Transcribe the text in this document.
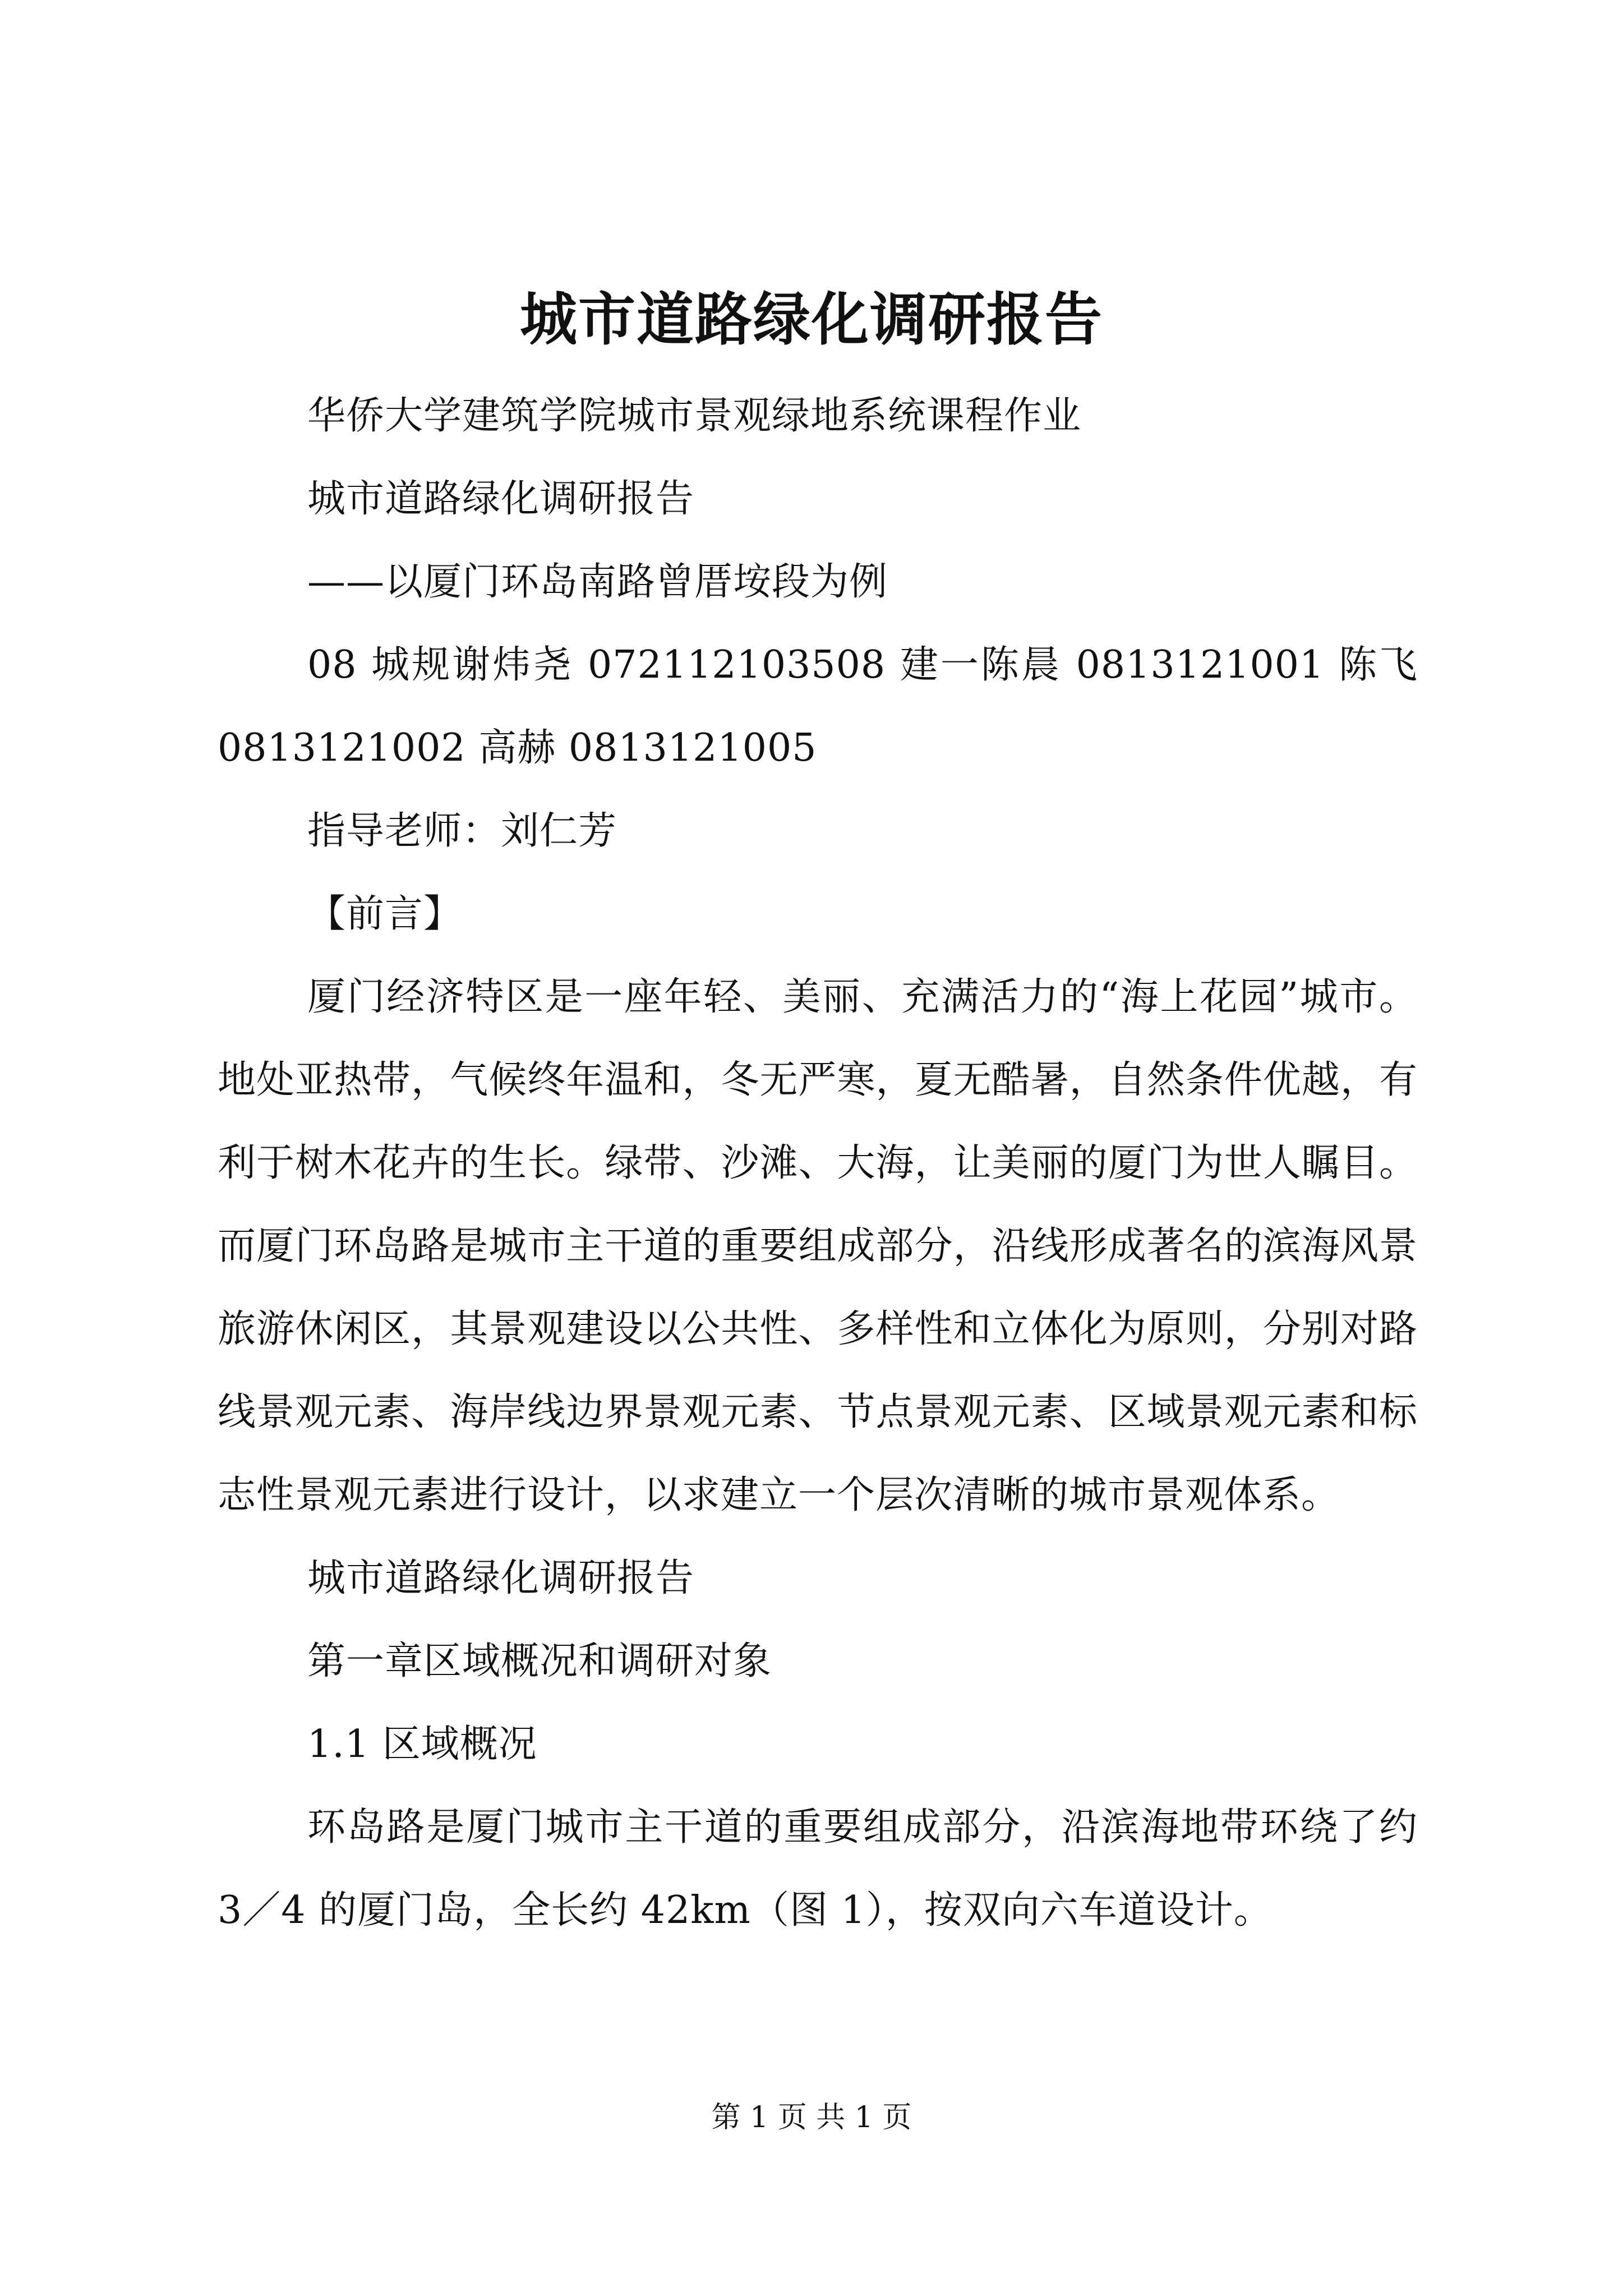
城市道路绿化调研报告

华侨大学建筑学院城市景观绿地系统课程作业

城市道路绿化调研报告

——以厦门环岛南路曾厝垵段为例

08 城规谢炜尧 072112103508 建一陈晨 0813121001 陈飞 0813121002 高赫 0813121005

指导老师：刘仁芳

【前言】

厦门经济特区是一座年轻、美丽、充满活力的“海上花园”城市。地处亚热带，气候终年温和，冬无严寒，夏无酷暑，自然条件优越，有利于树木花卉的生长。绿带、沙滩、大海，让美丽的厦门为世人瞩目。而厦门环岛路是城市主干道的重要组成部分，沿线形成著名的滨海风景旅游休闲区，其景观建设以公共性、多样性和立体化为原则，分别对路线景观元素、海岸线边界景观元素、节点景观元素、区域景观元素和标志性景观元素进行设计，以求建立一个层次清晰的城市景观体系。

城市道路绿化调研报告

第一章区域概况和调研对象

1.1 区域概况

环岛路是厦门城市主干道的重要组成部分，沿滨海地带环绕了约 3／4 的厦门岛，全长约 42km（图 1），按双向六车道设计。

第 1 页 共 1 页
